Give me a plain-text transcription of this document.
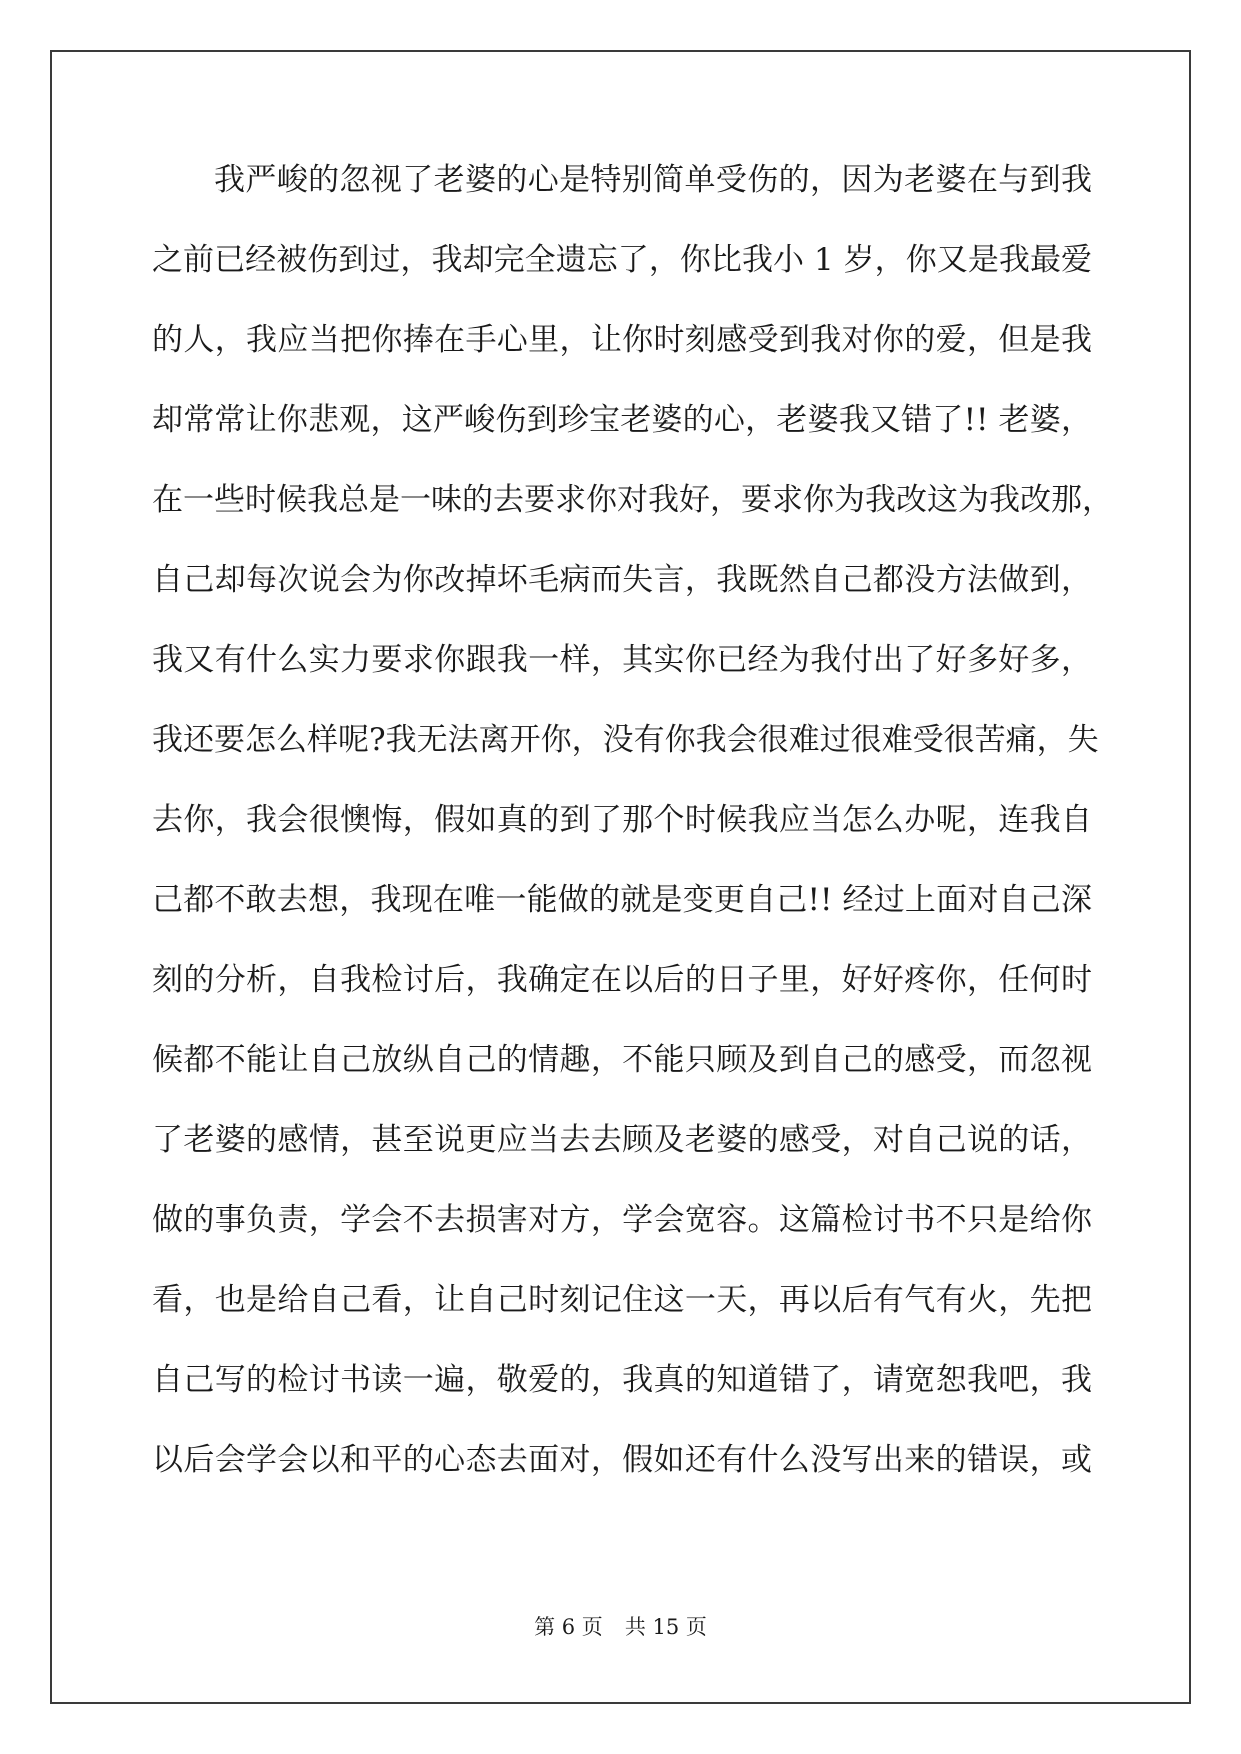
我严峻的忽视了老婆的心是特别简单受伤的，因为老婆在与到我
之前已经被伤到过，我却完全遗忘了，你比我小 1 岁，你又是我最爱
的人，我应当把你捧在手心里，让你时刻感受到我对你的爱，但是我
却常常让你悲观，这严峻伤到珍宝老婆的心，老婆我又错了!! 老婆，
在一些时候我总是一味的去要求你对我好，要求你为我改这为我改那，
自己却每次说会为你改掉坏毛病而失言，我既然自己都没方法做到，
我又有什么实力要求你跟我一样，其实你已经为我付出了好多好多，
我还要怎么样呢?我无法离开你，没有你我会很难过很难受很苦痛，失
去你，我会很懊悔，假如真的到了那个时候我应当怎么办呢，连我自
己都不敢去想，我现在唯一能做的就是变更自己!! 经过上面对自己深
刻的分析，自我检讨后，我确定在以后的日子里，好好疼你，任何时
候都不能让自己放纵自己的情趣，不能只顾及到自己的感受，而忽视
了老婆的感情，甚至说更应当去去顾及老婆的感受，对自己说的话，
做的事负责，学会不去损害对方，学会宽容。这篇检讨书不只是给你
看，也是给自己看，让自己时刻记住这一天，再以后有气有火，先把
自己写的检讨书读一遍，敬爱的，我真的知道错了，请宽恕我吧，我
以后会学会以和平的心态去面对，假如还有什么没写出来的错误，或
第 6 页 共 15 页
